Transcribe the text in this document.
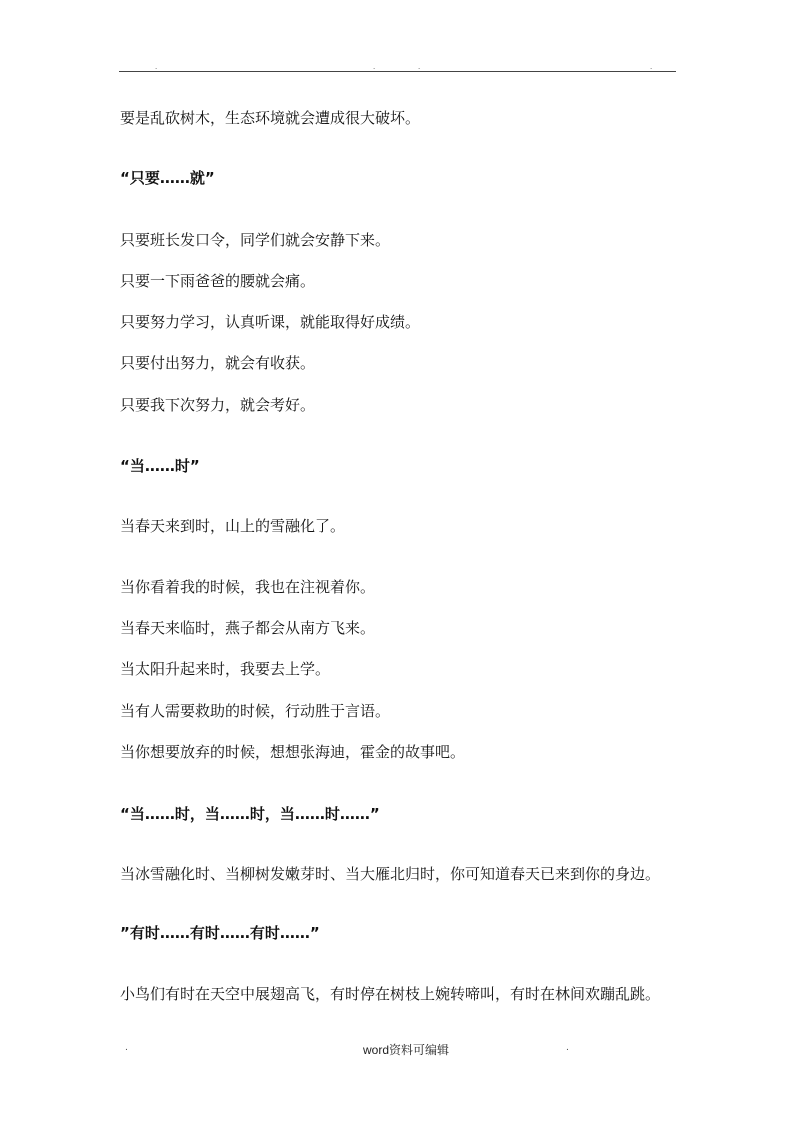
.	.	.	.
要是乱砍树木，生态环境就会遭成很大破坏。
“只要……就”
只要班长发口令，同学们就会安静下来。
只要一下雨爸爸的腰就会痛。
只要努力学习，认真听课，就能取得好成绩。
只要付出努力，就会有收获。
只要我下次努力，就会考好。
“当……时”
当春天来到时，山上的雪融化了。
当你看着我的时候，我也在注视着你。
当春天来临时，燕子都会从南方飞来。
当太阳升起来时，我要去上学。
当有人需要救助的时候，行动胜于言语。
当你想要放弃的时候，想想张海迪，霍金的故事吧。
“当……时，当……时，当……时……”
当冰雪融化时、当柳树发嫩芽时、当大雁北归时，你可知道春天已来到你的身边。
”有时……有时……有时……”
小鸟们有时在天空中展翅高飞，有时停在树枝上婉转啼叫，有时在林间欢蹦乱跳。
.	word资料可编辑	.
